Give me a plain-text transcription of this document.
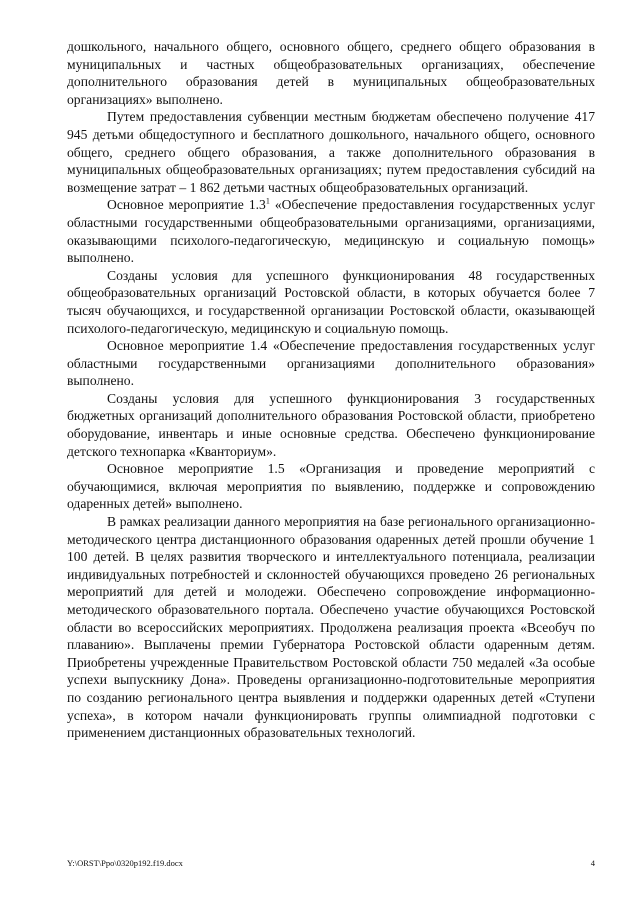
дошкольного, начального общего, основного общего, среднего общего образования в муниципальных и частных общеобразовательных организациях, обеспечение дополнительного образования детей в муниципальных общеобразовательных организациях» выполнено.

Путем предоставления субвенции местным бюджетам обеспечено получение 417 945 детьми общедоступного и бесплатного дошкольного, начального общего, основного общего, среднего общего образования, а также дополнительного образования в муниципальных общеобразовательных организациях; путем предоставления субсидий на возмещение затрат – 1 862 детьми частных общеобразовательных организаций.

Основное мероприятие $1.3^1$ «Обеспечение предоставления государственных услуг областными государственными общеобразовательными организациями, организациями, оказывающими психолого-педагогическую, медицинскую и социальную помощь» выполнено.

Созданы условия для успешного функционирования 48 государственных общеобразовательных организаций Ростовской области, в которых обучается более 7 тысяч обучающихся, и государственной организации Ростовской области, оказывающей психолого-педагогическую, медицинскую и социальную помощь.

Основное мероприятие 1.4 «Обеспечение предоставления государственных услуг областными государственными организациями дополнительного образования» выполнено.

Созданы условия для успешного функционирования 3 государственных бюджетных организаций дополнительного образования Ростовской области, приобретено оборудование, инвентарь и иные основные средства. Обеспечено функционирование детского технопарка «Кванториум».

Основное мероприятие 1.5 «Организация и проведение мероприятий с обучающимися, включая мероприятия по выявлению, поддержке и сопровождению одаренных детей» выполнено.

В рамках реализации данного мероприятия на базе регионального организационно-методического центра дистанционного образования одаренных детей прошли обучение 1 100 детей. В целях развития творческого и интеллектуального потенциала, реализации индивидуальных потребностей и склонностей обучающихся проведено 26 региональных мероприятий для детей и молодежи. Обеспечено сопровождение информационно-методического образовательного портала. Обеспечено участие обучающихся Ростовской области во всероссийских мероприятиях. Продолжена реализация проекта «Всеобуч по плаванию». Выплачены премии Губернатора Ростовской области одаренным детям. Приобретены учрежденные Правительством Ростовской области 750 медалей «За особые успехи выпускнику Дона». Проведены организационно-подготовительные мероприятия по созданию регионального центра выявления и поддержки одаренных детей «Ступени успеха», в котором начали функционировать группы олимпиадной подготовки с применением дистанционных образовательных технологий.

Y:\ORST\Ppo\0320p192.f19.docx	4
